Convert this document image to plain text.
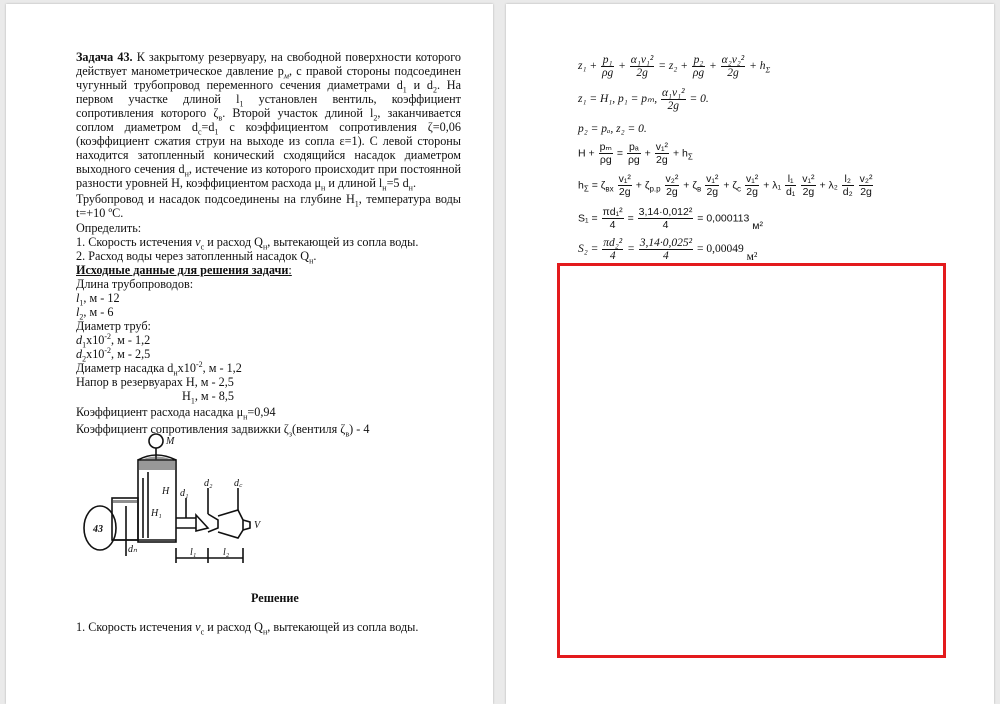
Задача 43. К закрытому резервуару, на свободной поверхности которого действует манометрическое давление $p_м$, с правой стороны подсоединен чугунный трубопровод переменного сечения диаметрами $d_1$ и $d_2$. На первом участке длиной $l_1$ установлен вентиль, коэффициент сопротивления которого $\zeta_в$. Второй участок длиной $l_2$, заканчивается соплом диаметром $d_с=d_1$ с коэффициентом сопротивления ζ=0,06 (коэффициент сжатия струи на выходе из сопла ε=1). С левой стороны находится затопленный конический сходящийся насадок диаметром выходного сечения $d_н$, истечение из которого происходит при постоянной разности уровней H, коэффициентом расхода $\mu_н$ и длиной $l_н=5$ $d_н$.
Трубопровод и насадок подсоединены на глубине $H_1$, температура воды t=+10 ºC.
Определить:
1. Скорость истечения $v_c$ и расход $Q_н$, вытекающей из сопла воды.
2. Расход воды через затопленный насадок $Q_н$.
Исходные данные для решения задачи:
Длина трубопроводов:
$l_1$, м - 12
$l_2$, м - 6
Диаметр труб:
$d_1x10^{-2}$, м - 1,2
$d_2x10^{-2}$, м - 2,5
Диаметр насадка $d_нx10^{-2}$, м - 1,2
Напор в резервуарах H, м - 2,5
$H_1$, м - 8,5
Коэффициент расхода насадка $\mu_н=0,94$
Коэффициент сопротивления задвижки $\zeta_з(вентиля$ $\zeta_в) - 4$
M
43
H
H₁
dₙ
d₁
d₂ d꜀
l₁	l₂
V
Решение
1. Скорость истечения $v_c$ и расход $Q_н$, вытекающей из сопла воды.
$z_1 + \frac{\text{p₁}}{\rho g} + \frac{\text{α₁v₁²}}{2g} = z_2 + \frac{\text{p₂}}{\rho g} + \frac{\text{α₂v₂²}}{2g} + h_\Sigma$
z₁ = H₁, p₁ = pₘ, $\frac{\text{α₁v₁²}}{2g} = 0$.
p₂ = pₐ, z₂ = 0.
$H + \frac{\text{pₘ}}{\rho g} = \frac{\text{pₐ}}{\rho g} + \frac{\text{v₁²}}{2g} + h_\Sigma$
$h_\Sigma = \zeta_{вх} \frac{\text{v₁²}}{2g} + \zeta_{р.р} \frac{\text{v₂²}}{2g} + \zeta_в \frac{\text{v₁²}}{2g} + \zeta_с \frac{\text{v₁²}}{2g} + \lambda_1 \frac{\text{l₁}}{\text{d₁}}$
$\frac{\text{v₁²}}{2g} + \lambda_2 \frac{\text{l₂}}{\text{d₂}}$
$\frac{\text{v₂²}}{2g}$
$S_1 = \frac{\text{πd₁²}}{4} = \frac{\text{3,14·0,012²}}{4} = 0,000113$ м²
$S_2 = \frac{\text{πd₂²}}{4} = \frac{\text{3,14·0,025²}}{4} = 0,00049$ м²
